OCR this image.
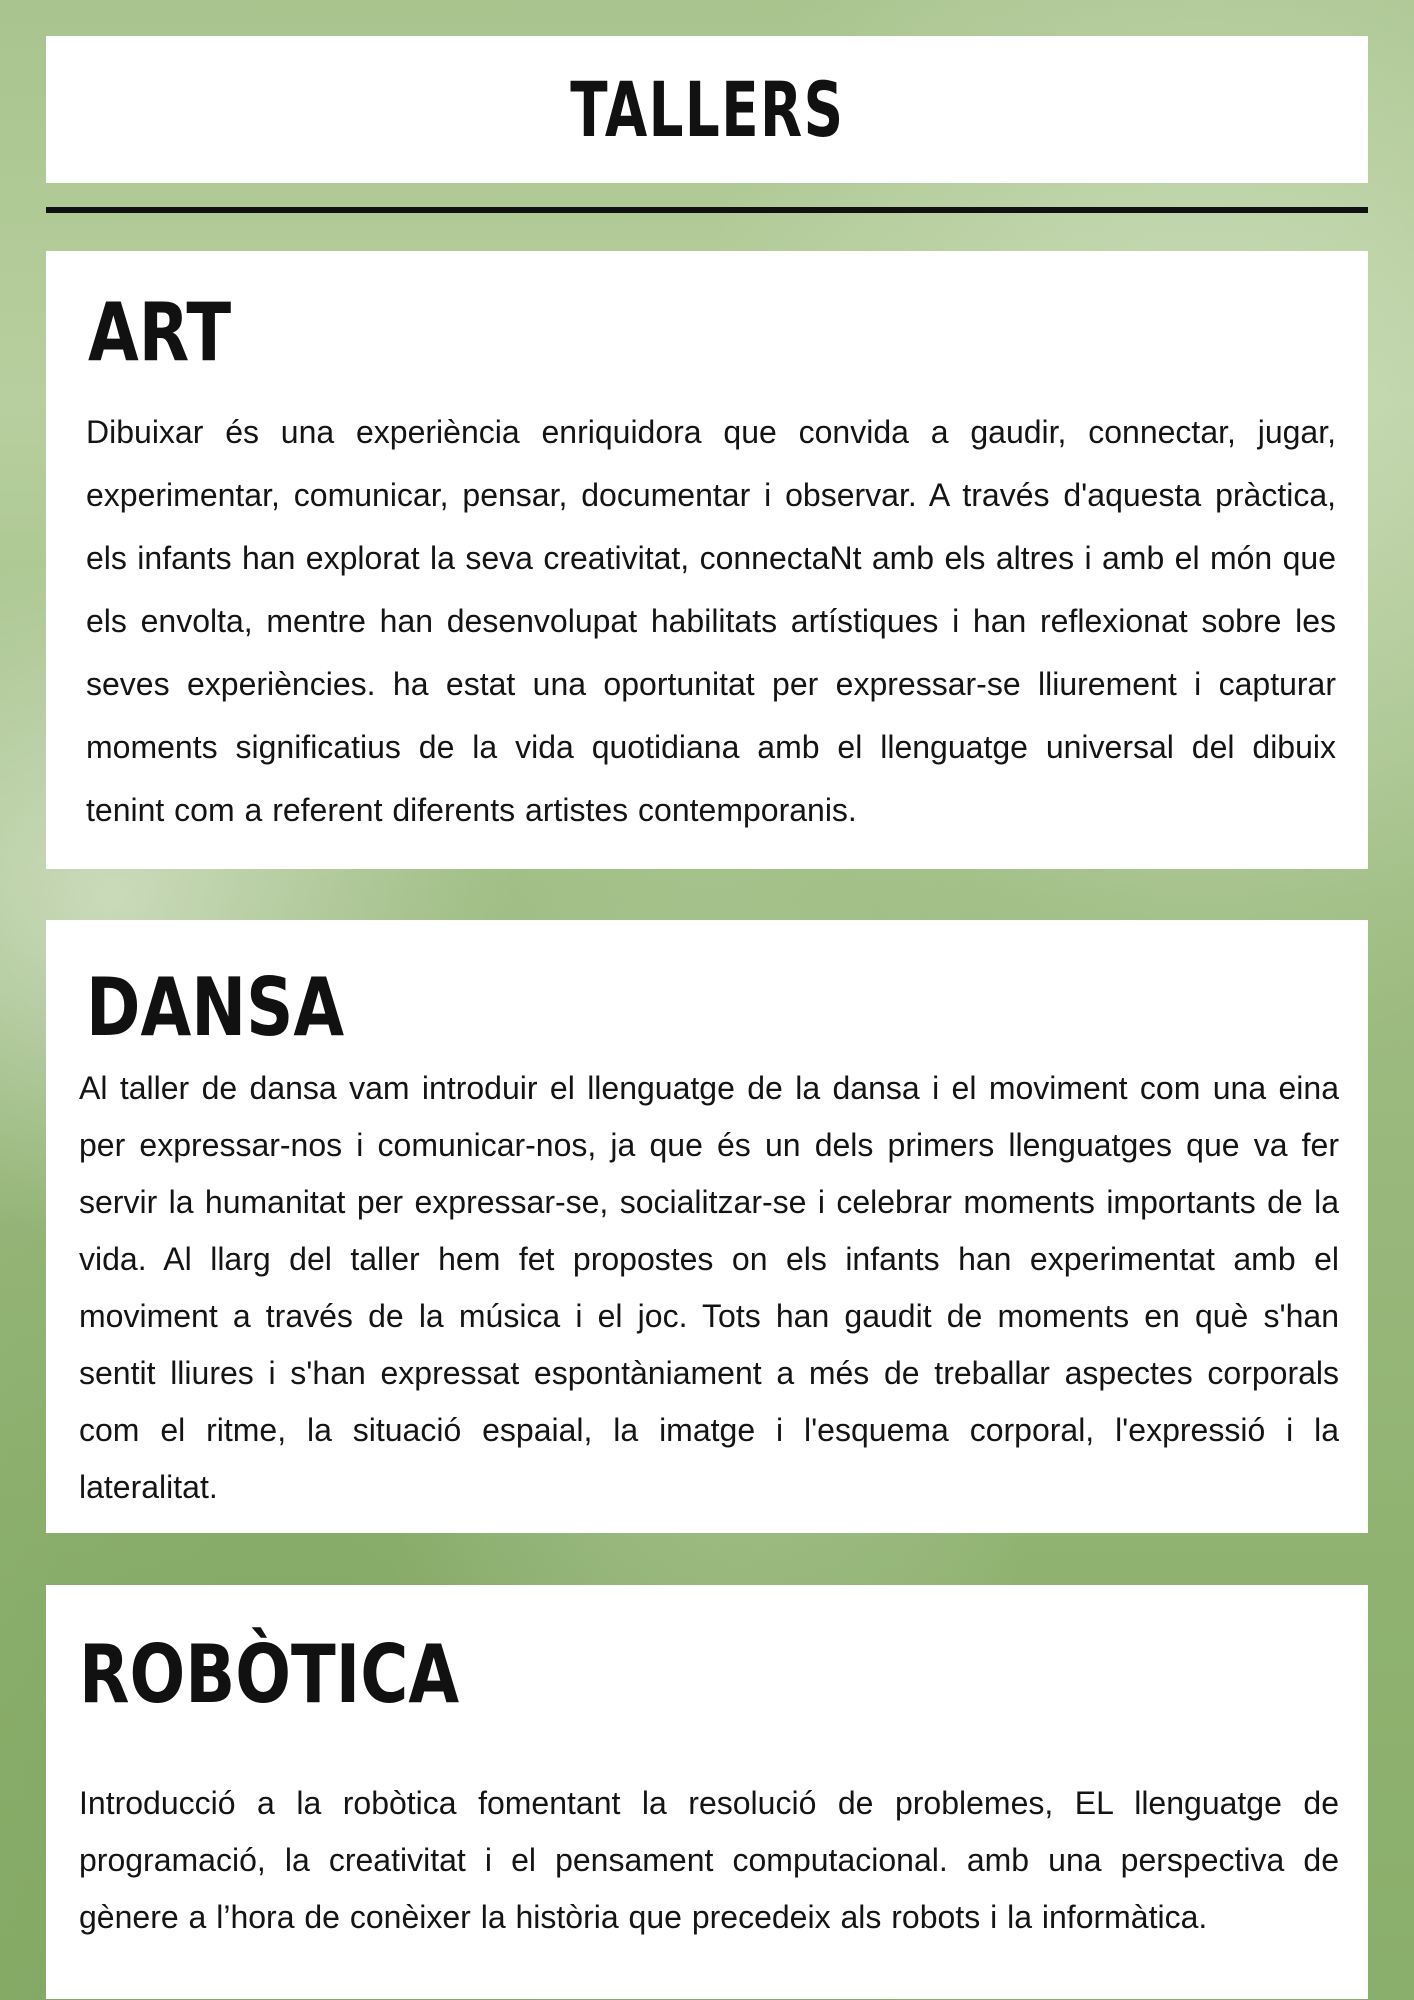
TALLERS
ART

Dibuixar és una experiència enriquidora que convida a gaudir, connectar, jugar, experimentar, comunicar, pensar, documentar i observar. A través d'aquesta pràctica, els infants han explorat la seva creativitat, connectaNt amb els altres i amb el món que els envolta, mentre han desenvolupat habilitats artístiques i han reflexionat sobre les seves experiències. ha estat una oportunitat per expressar-se lliurement i capturar moments significatius de la vida quotidiana amb el llenguatge universal del dibuix tenint com a referent diferents artistes contemporanis.

DANSA

Al taller de dansa vam introduir el llenguatge de la dansa i el moviment com una eina per expressar-nos i comunicar-nos, ja que és un dels primers llenguatges que va fer servir la humanitat per expressar-se, socialitzar-se i celebrar moments importants de la vida. Al llarg del taller hem fet propostes on els infants han experimentat amb el moviment a través de la música i el joc. Tots han gaudit de moments en què s'han sentit lliures i s'han expressat espontàniament a més de treballar aspectes corporals com el ritme, la situació espaial, la imatge i l'esquema corporal, l'expressió i la lateralitat.

ROBÒTICA

Introducció a la robòtica fomentant la resolució de problemes, EL llenguatge de programació, la creativitat i el pensament computacional. amb una perspectiva de gènere a l’hora de conèixer la història que precedeix als robots i la informàtica.
